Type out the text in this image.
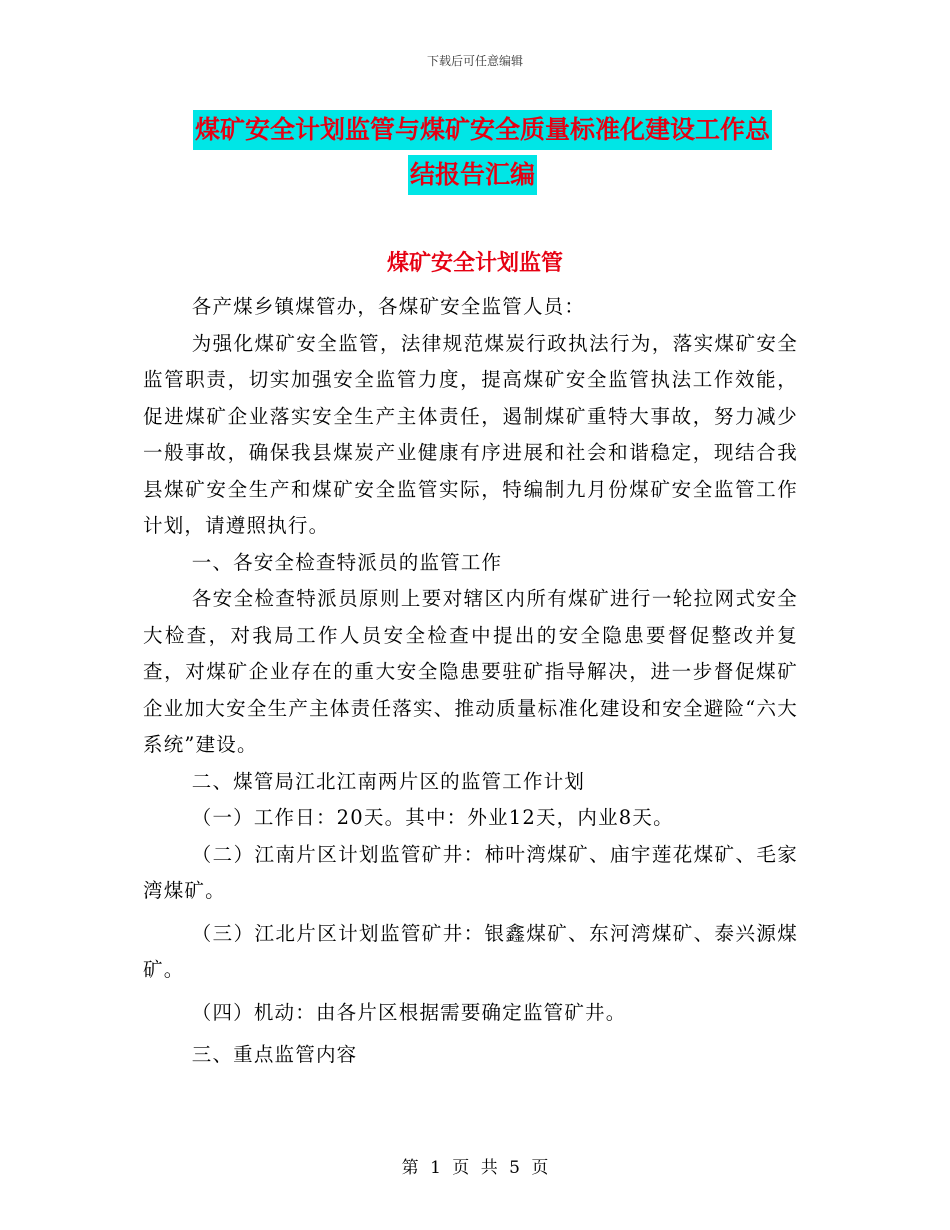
下载后可任意编辑
煤矿安全计划监管与煤矿安全质量标准化建设工作总
结报告汇编
煤矿安全计划监管

各产煤乡镇煤管办，各煤矿安全监管人员：

为强化煤矿安全监管，法律规范煤炭行政执法行为，落实煤矿安全监管职责，切实加强安全监管力度，提高煤矿安全监管执法工作效能，促进煤矿企业落实安全生产主体责任，遏制煤矿重特大事故，努力减少一般事故，确保我县煤炭产业健康有序进展和社会和谐稳定，现结合我县煤矿安全生产和煤矿安全监管实际，特编制九月份煤矿安全监管工作计划，请遵照执行。

一、各安全检查特派员的监管工作

各安全检查特派员原则上要对辖区内所有煤矿进行一轮拉网式安全大检查，对我局工作人员安全检查中提出的安全隐患要督促整改并复查，对煤矿企业存在的重大安全隐患要驻矿指导解决，进一步督促煤矿企业加大安全生产主体责任落实、推动质量标准化建设和安全避险“六大系统”建设。

二、煤管局江北江南两片区的监管工作计划

（一）工作日：20天。其中：外业12天，内业8天。

（二）江南片区计划监管矿井：柿叶湾煤矿、庙宇莲花煤矿、毛家湾煤矿。

（三）江北片区计划监管矿井：银鑫煤矿、东河湾煤矿、泰兴源煤矿。

（四）机动：由各片区根据需要确定监管矿井。

三、重点监管内容

第 1 页 共 5 页
